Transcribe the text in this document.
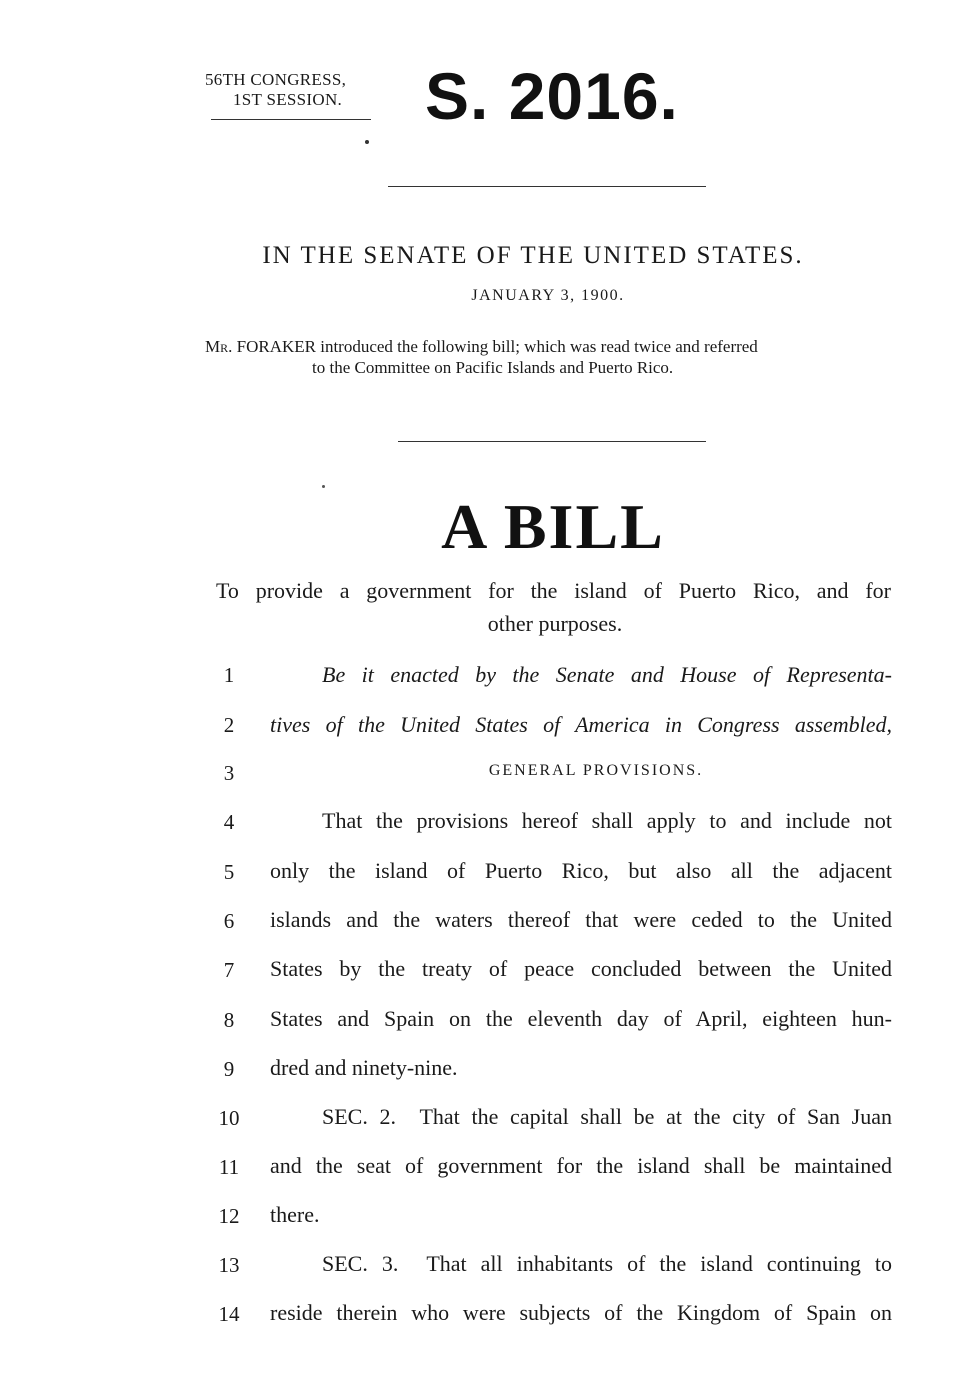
56TH CONGRESS,
1ST SESSION. S. 2016.
IN THE SENATE OF THE UNITED STATES.
JANUARY 3, 1900.
Mr. FORAKER introduced the following bill; which was read twice and referred
to the Committee on Pacific Islands and Puerto Rico.
A BILL
To provide a government for the island of Puerto Rico, and for
other purposes.
1	Be it enacted by the Senate and House of Representa-
2	tives of the United States of America in Congress assembled,
3	GENERAL PROVISIONS.
4	That the provisions hereof shall apply to and include not
5	only the island of Puerto Rico, but also all the adjacent
6	islands and the waters thereof that were ceded to the United
7	States by the treaty of peace concluded between the United
8	States and Spain on the eleventh day of April, eighteen hun-
9	dred and ninety-nine.
10	SEC. 2. That the capital shall be at the city of San Juan
11	and the seat of government for the island shall be maintained
12	there.
13	SEC. 3. That all inhabitants of the island continuing to
14	reside therein who were subjects of the Kingdom of Spain on
